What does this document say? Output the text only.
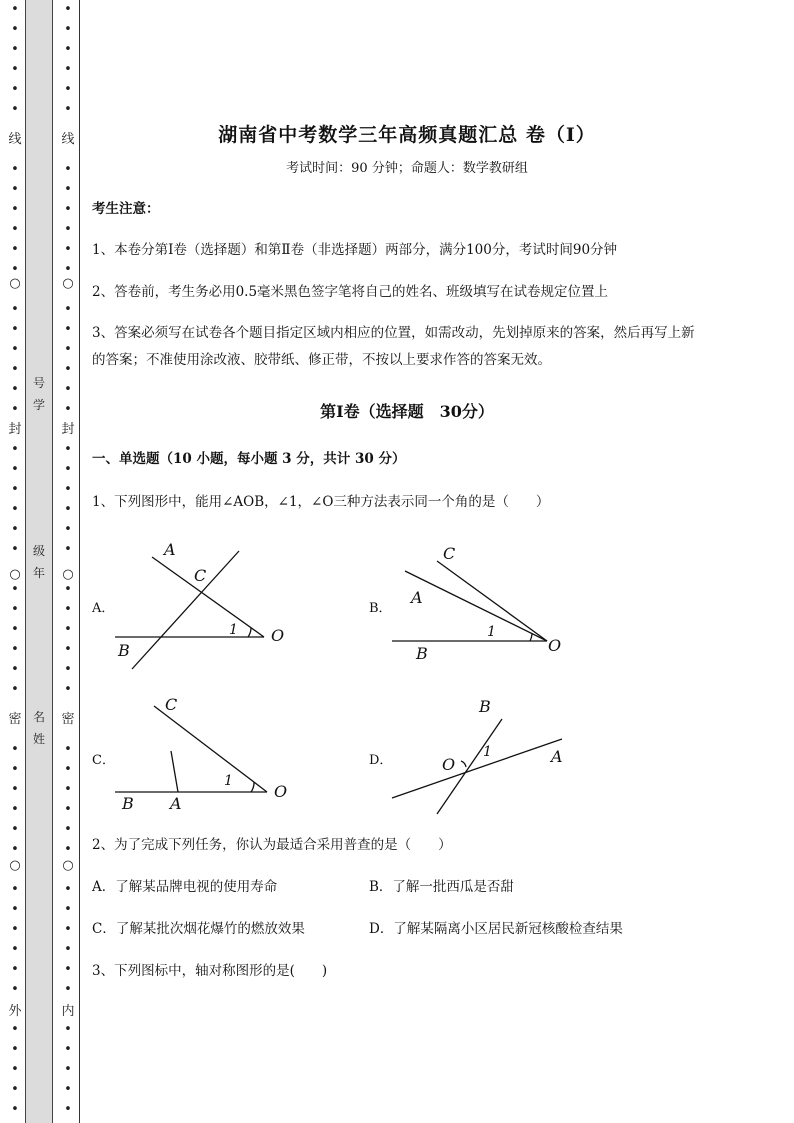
•
•
•
•
•
•
线
•
•
•
•
•
•
○
•
•
•
•
•
•
封
•
•
•
•
•
•
○
•
•
•
•
•
•
密
•
•
•
•
•
•
○
•
•
•
•
•
•
外
•
•
•
•
•
•
•
•
•
•
•
线
•
•
•
•
•
•
○
•
•
•
•
•
•
封
•
•
•
•
•
•
○
•
•
•
•
•
•
密
•
•
•
•
•
•
○
•
•
•
•
•
•
内
•
•
•
•
•
号
学
级
年
名
姓
湖南省中考数学三年高频真题汇总 卷（Ⅰ）
考试时间：90 分钟；命题人：数学教研组
考生注意：
1、本卷分第Ⅰ卷（选择题）和第Ⅱ卷（非选择题）两部分，满分100分，考试时间90分钟
2、答卷前，考生务必用0.5毫米黑色签字笔将自己的姓名、班级填写在试卷规定位置上
3、答案必须写在试卷各个题目指定区域内相应的位置，如需改动，先划掉原来的答案，然后再写上新
的答案；不准使用涂改液、胶带纸、修正带，不按以上要求作答的答案无效。
第Ⅰ卷（选择题　30分）
一、单选题（10 小题，每小题 3 分，共计 30 分）
1、下列图形中，能用∠AOB，∠1，∠O三种方法表示同一个角的是（　　）
A．
A
C
B
O
1
B．
C
A
B	O
1
C．
C
B A
O
1
D．
B
O	A
1
2、为了完成下列任务，你认为最适合采用普查的是（　　）
A．了解某品牌电视的使用寿命	B．了解一批西瓜是否甜
C．了解某批次烟花爆竹的燃放效果	D．了解某隔离小区居民新冠核酸检查结果
3、下列图标中，轴对称图形的是(　　)
